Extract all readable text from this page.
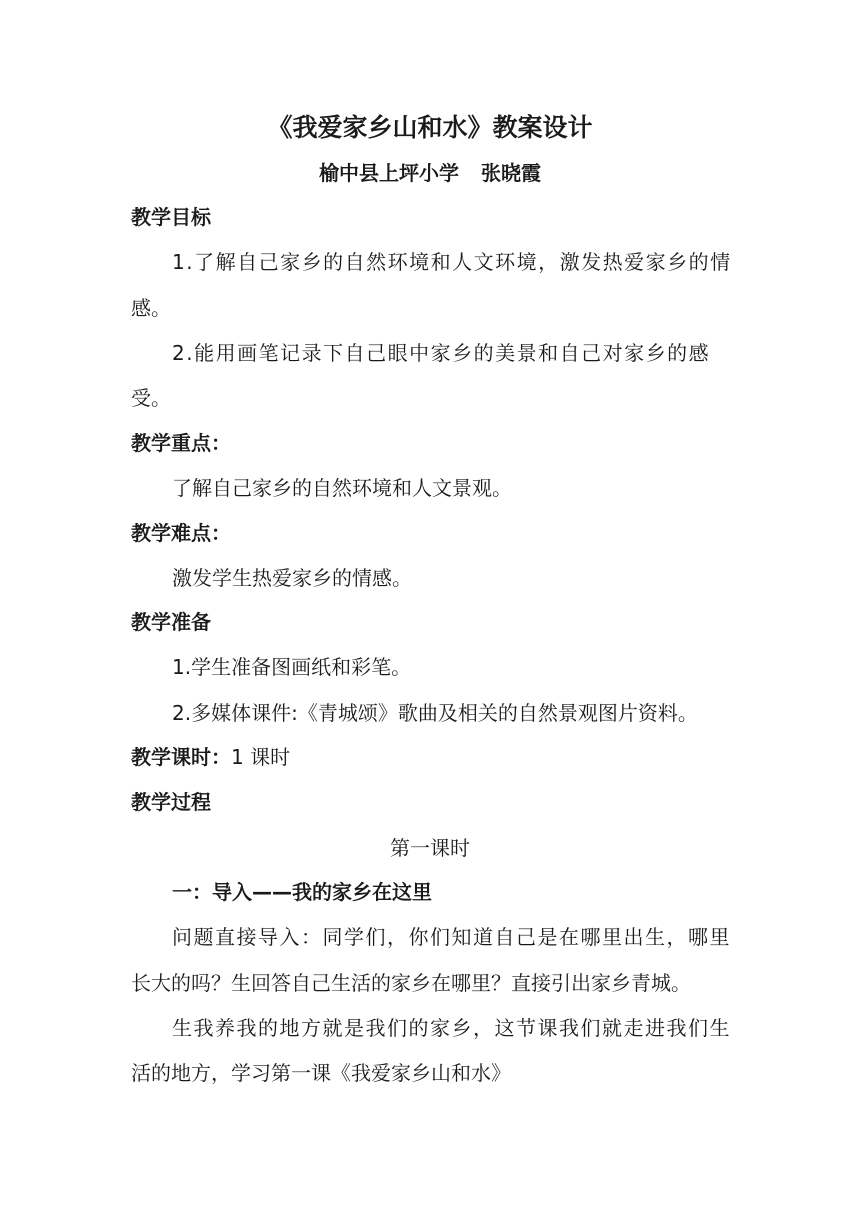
《我爱家乡山和水》教案设计
榆中县上坪小学 张晓霞
教学目标
1.了解自己家乡的自然环境和人文环境，激发热爱家乡的情
感。
2.能用画笔记录下自己眼中家乡的美景和自己对家乡的感
受。
教学重点：
了解自己家乡的自然环境和人文景观。
教学难点：
激发学生热爱家乡的情感。
教学准备
1.学生准备图画纸和彩笔。
2.多媒体课件:《青城颂》歌曲及相关的自然景观图片资料。
教学课时：1 课时
教学过程
第一课时
一：导入——我的家乡在这里
问题直接导入：同学们，你们知道自己是在哪里出生，哪里
长大的吗？生回答自己生活的家乡在哪里？直接引出家乡青城。
生我养我的地方就是我们的家乡，这节课我们就走进我们生
活的地方，学习第一课《我爱家乡山和水》
